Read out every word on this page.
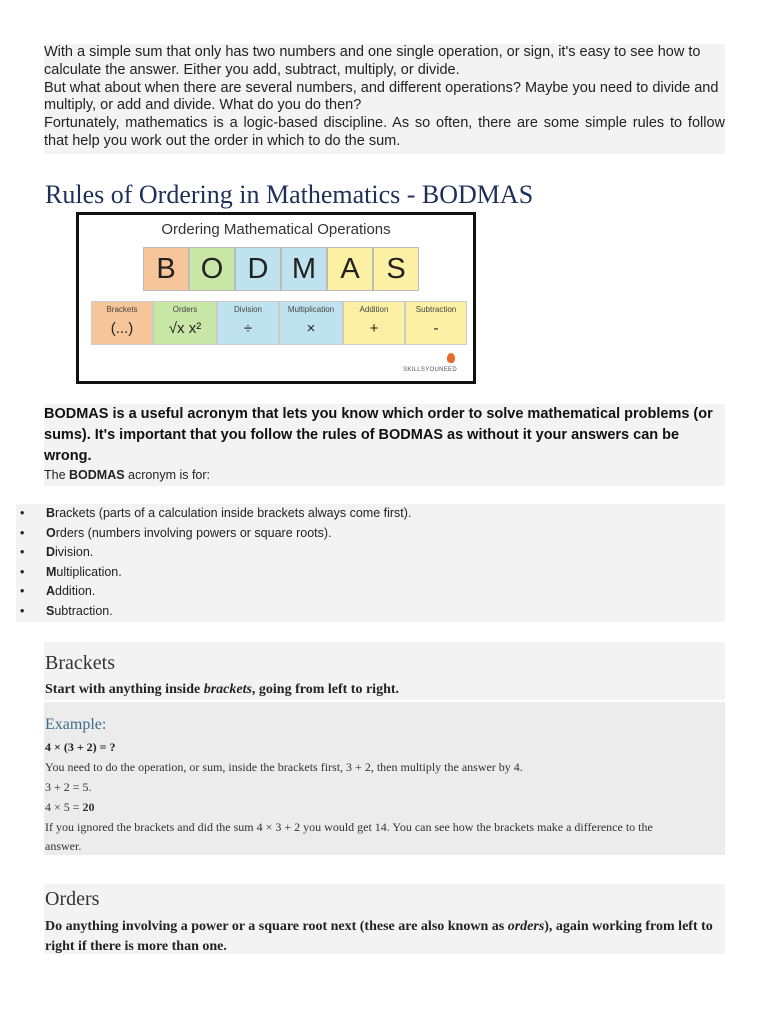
With a simple sum that only has two numbers and one single operation, or sign, it's easy to see how to calculate the answer. Either you add, subtract, multiply, or divide.

But what about when there are several numbers, and different operations? Maybe you need to divide and multiply, or add and divide. What do you do then?

Fortunately, mathematics is a logic-based discipline. As so often, there are some simple rules to follow that help you work out the order in which to do the sum.

Rules of Ordering in Mathematics - BODMAS
Ordering Mathematical Operations
B O D M A S
Brackets
(...)
Orders
√x x²
Division
÷
Multiplication
×
Addition
+
Subtraction
-
SKILLSYOUNEED

BODMAS is a useful acronym that lets you know which order to solve mathematical problems (or sums). It's important that you follow the rules of BODMAS as without it your answers can be wrong.

The BODMAS acronym is for:

• Brackets (parts of a calculation inside brackets always come first).
• Orders (numbers involving powers or square roots).
• Division.
• Multiplication.
• Addition.
• Subtraction.
Brackets

Start with anything inside brackets, going from left to right.

Example:
4 × (3 + 2) = ?
You need to do the operation, or sum, inside the brackets first, 3 + 2, then multiply the answer by 4.
3 + 2 = 5.
4 × 5 = 20
If you ignored the brackets and did the sum 4 × 3 + 2 you would get 14. You can see how the brackets make a difference to the
answer.
Orders

Do anything involving a power or a square root next (these are also known as orders), again working from left to right if there is more than one.
